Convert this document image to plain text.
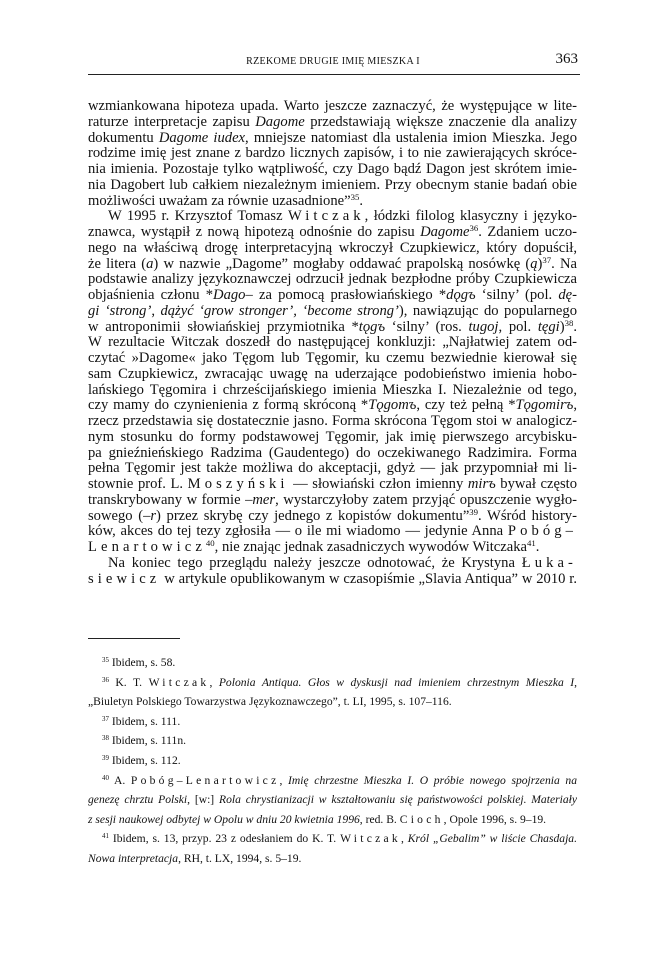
RZEKOME DRUGIE IMIĘ MIESZKA I	363
wzmiankowana hipoteza upada. Warto jeszcze zaznaczyć, że występujące w lite-
raturze interpretacje zapisu Dagome przedstawiają większe znaczenie dla analizy
dokumentu Dagome iudex, mniejsze natomiast dla ustalenia imion Mieszka. Jego
rodzime imię jest znane z bardzo licznych zapisów, i to nie zawierających skróce-
nia imienia. Pozostaje tylko wątpliwość, czy Dago bądź Dagon jest skrótem imie-
nia Dagobert lub całkiem niezależnym imieniem. Przy obecnym stanie badań obie
możliwości uważam za równie uzasadnione”$^{35}$.
W 1995 r. Krzysztof Tomasz Witczak, łódzki filolog klasyczny i języko-
znawca, wystąpił z nową hipotezą odnośnie do zapisu Dagome$^{36}$. Zdaniem uczo-
nego na właściwą drogę interpretacyjną wkroczył Czupkiewicz, który dopuścił,
że litera (a) w nazwie „Dagome” mogłaby oddawać prapolską nosówkę (ą)$^{37}$. Na
podstawie analizy językoznawczej odrzucił jednak bezpłodne próby Czupkiewicza
objaśnienia członu *Dago– za pomocą prasłowiańskiego *dǫgъ ‘silny’ (pol. dę-
gi ‘strong’, dążyć ‘grow stronger’, ‘become strong’), nawiązując do popularnego
w antroponimii słowiańskiej przymiotnika *tǫgъ ‘silny’ (ros. tugoj, pol. tęgi)$^{38}$.
W rezultacie Witczak doszedł do następującej konkluzji: „Najłatwiej zatem od-
czytać »Dagome« jako Tęgom lub Tęgomir, ku czemu bezwiednie kierował się
sam Czupkiewicz, zwracając uwagę na uderzające podobieństwo imienia hobo-
lańskiego Tęgomira i chrześcijańskiego imienia Mieszka I. Niezależnie od tego,
czy mamy do czynienienia z formą skróconą *Tǫgomъ, czy też pełną *Tǫgomirъ,
rzecz przedstawia się dostatecznie jasno. Forma skrócona Tęgom stoi w analogicz-
nym stosunku do formy podstawowej Tęgomir, jak imię pierwszego arcybisku-
pa gnieźnieńskiego Radzima (Gaudentego) do oczekiwanego Radzimira. Forma
pełna Tęgomir jest także możliwa do akceptacji, gdyż — jak przypomniał mi li-
stownie prof. L. Moszyński — słowiański człon imienny mirъ bywał często
transkrybowany w formie –mer, wystarczyłoby zatem przyjąć opuszczenie wygło-
sowego (–r) przez skrybę czy jednego z kopistów dokumentu”$^{39}$. Wśród history-
ków, akces do tej tezy zgłosiła — o ile mi wiadomo — jedynie Anna Pobóg–
Lenartowicz$^{40}$, nie znając jednak zasadniczych wywodów Witczaka$^{41}$.
Na koniec tego przeglądu należy jeszcze odnotować, że Krystyna Łuka-
siewicz w artykule opublikowanym w czasopiśmie „Slavia Antiqua” w 2010 r.
$^{35}$ Ibidem, s. 58.
$^{36}$ K. T. Witczak, Polonia Antiqua. Głos w dyskusji nad imieniem chrzestnym Mieszka I,
„Biuletyn Polskiego Towarzystwa Językoznawczego”, t. LI, 1995, s. 107–116.
$^{37}$ Ibidem, s. 111.
$^{38}$ Ibidem, s. 111n.
$^{39}$ Ibidem, s. 112.
$^{40}$ A. Pobóg–Lenartowicz, Imię chrzestne Mieszka I. O próbie nowego spojrzenia na
genezę chrztu Polski, [w:] Rola chrystianizacji w kształtowaniu się państwowości polskiej. Materiały
z sesji naukowej odbytej w Opolu w dniu 20 kwietnia 1996, red. B. Cioch, Opole 1996, s. 9–19.
$^{41}$ Ibidem, s. 13, przyp. 23 z odesłaniem do K. T. Witczak, Król „Gebalim” w liście Chasdaja.
Nowa interpretacja, RH, t. LX, 1994, s. 5–19.
